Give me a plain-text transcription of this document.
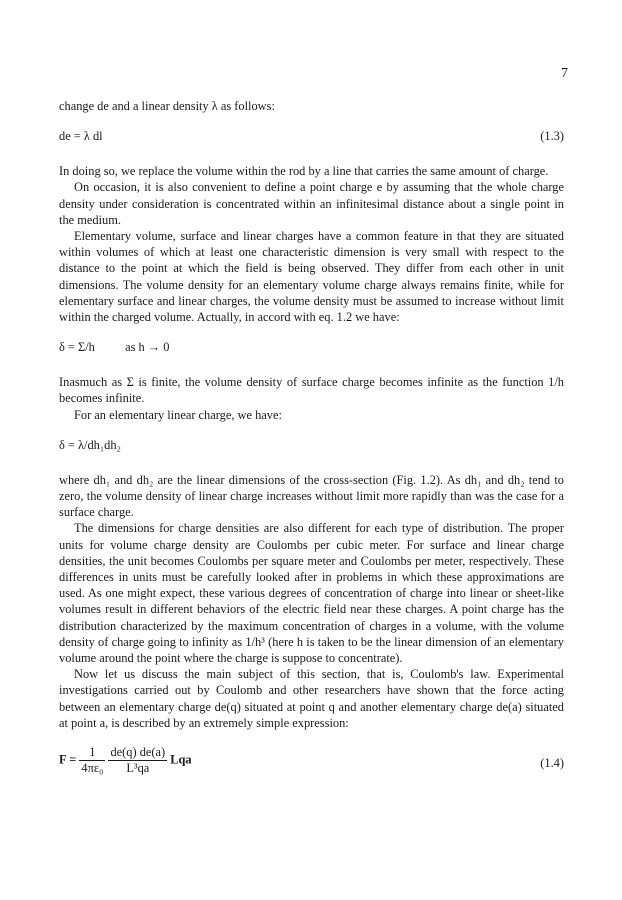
7

change de and a linear density λ as follows:

de = λ dl	(1.3)

In doing so, we replace the volume within the rod by a line that carries the same amount of charge.

On occasion, it is also convenient to define a point charge e by assuming that the whole charge density under consideration is concentrated within an infinitesimal distance about a single point in the medium.

Elementary volume, surface and linear charges have a common feature in that they are situated within volumes of which at least one characteristic dimension is very small with respect to the distance to the point at which the field is being observed. They differ from each other in unit dimensions. The volume density for an elementary volume charge always remains finite, while for elementary surface and linear charges, the volume density must be assumed to increase without limit within the charged volume. Actually, in accord with eq. 1.2 we have:

δ = Σ/h as h → 0

Inasmuch as Σ is finite, the volume density of surface charge becomes infinite as the function 1/h becomes infinite.

For an elementary linear charge, we have:

δ = λ/dh₁dh₂

where dh₁ and dh₂ are the linear dimensions of the cross-section (Fig. 1.2). As dh₁ and dh₂ tend to zero, the volume density of linear charge increases without limit more rapidly than was the case for a surface charge.

The dimensions for charge densities are also different for each type of distribution. The proper units for volume charge density are Coulombs per cubic meter. For surface and linear charge densities, the unit becomes Coulombs per square meter and Coulombs per meter, respectively. These differences in units must be carefully looked after in problems in which these approximations are used. As one might expect, these various degrees of concentration of charge into linear or sheet-like volumes result in different behaviors of the electric field near these charges. A point charge has the distribution characterized by the maximum concentration of charges in a volume, with the volume density of charge going to infinity as 1/h³ (here h is taken to be the linear dimension of an elementary volume around the point where the charge is suppose to concentrate).

Now let us discuss the main subject of this section, that is, Coulomb's law. Experimental investigations carried out by Coulomb and other researchers have shown that the force acting between an elementary charge de(q) situated at point q and another elementary charge de(a) situated at point a, is described by an extremely simple expression:

$F = \frac{1}{\text{4πε₀}}$
$\frac{de(q) de(a)}{\text{L³qa}}$ Lqa	(1.4)
